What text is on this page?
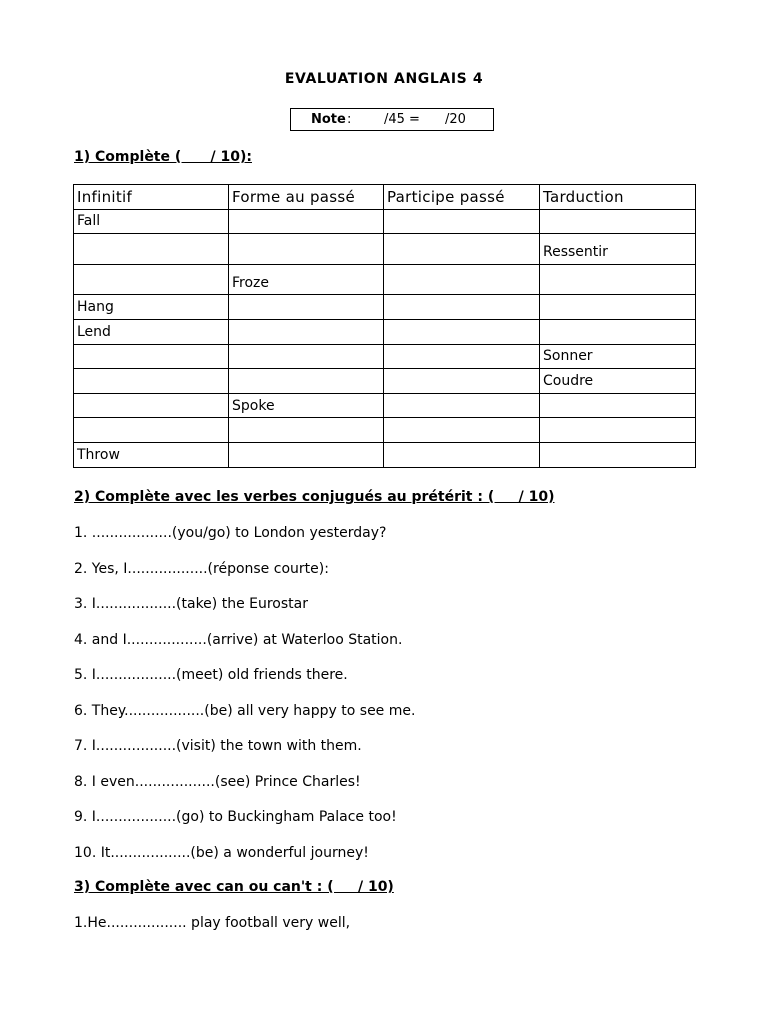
EVALUATION ANGLAIS 4
Note :	/45 = /20
1) Complète (      / 10):
Infinitif	Forme au passé	Participe passé	Tarduction
Fall			
			Ressentir
	Froze		
Hang			
Lend			
			Sonner
			Coudre
	Spoke		

Throw			
2) Complète avec les verbes conjugués au prétérit : (     / 10)
1. ..................(you/go) to London yesterday?
2. Yes, I..................(réponse courte):
3. I..................(take) the Eurostar
4. and I..................(arrive) at Waterloo Station.
5. I..................(meet) old friends there.
6. They..................(be) all very happy to see me.
7. I..................(visit) the town with them.
8. I even..................(see) Prince Charles!
9. I..................(go) to Buckingham Palace too!
10. It..................(be) a wonderful journey!
3) Complète avec can ou can't : (     / 10)
1.He.................. play football very well,
